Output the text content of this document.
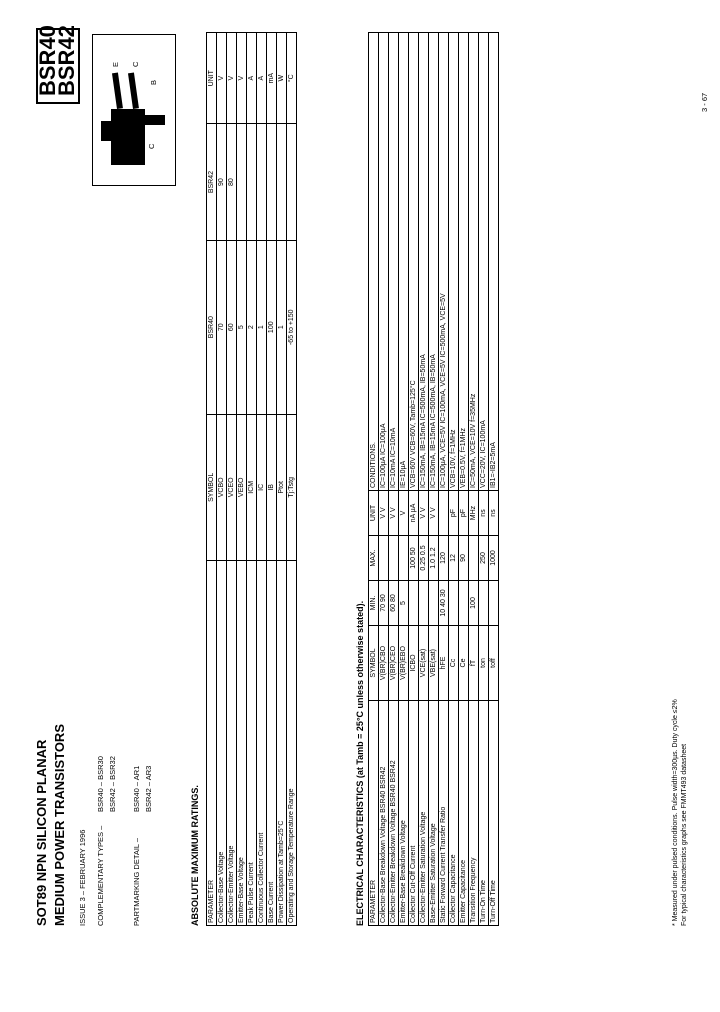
SOT89 NPN SILICON PLANAR MEDIUM POWER TRANSISTORS ISSUE 3 – FEBRUARY 1996
BSR40
BSR42
C
E C
B
COMPLEMENTARY TYPES –
BSR40 – BSR30 BSR42 – BSR32
PARTMARKING DETAIL –
BSR40 – AR1 BSR42 – AR3	ABSOLUTE MAXIMUM RATINGS. PARAMETER	SYMBOL	BSR40	BSR42	UNIT
Collector-Base Voltage	VCBO	70	90	V
Collector-Emitter Voltage	VCEO	60	80	V
Emitter-Base Voltage	VEBO	5		V
Peak Pulse Current	ICM	2		A
Continuous Collector Current	IC	1		A
Base Current	IB	100		mA
Power Dissipation at Tamb=25°C	Ptot	1		W
Operating and Storage Temperature Range	Tj:Tstg	-65 to +150		°C
ELECTRICAL CHARACTERISTICS (at Tamb = 25°C unless otherwise stated). PARAMETER	SYMBOL	MIN.	MAX.	UNIT	CONDITIONS.
Collector-Base Breakdown Voltage BSR40 BSR42	V(BR)CBO	70 90		V V	IC=100µA IC=100µA
Collector-Emitter Breakdown Voltage BSR40 BSR42	V(BR)CEO	60 80		V V	IC=10mA IC=10mA
Emitter-Base Breakdown Voltage	V(BR)EBO	5		V	IE=10µA
Collector Cut-Off Current	ICBO		100 50	nA µA	VCB=60V VCB=60V, Tamb=125°C
Collector-Emitter Saturation Voltage	VCE(sat)		0.25 0.5	V V	IC=150mA, IB=15mA IC=500mA, IB=50mA
Base-Emitter Saturation Voltage	VBE(sat)		1.0 1.2	V V	IC=150mA, IB=15mA IC=500mA, IB=50mA
Static Forward Current Transfer Ratio	hFE	10 40 30	120		IC=100µA, VCE=5V IC=100mA, VCE=5V IC=500mA, VCE=5V
Collector Capacitance	Cc		12	pF	VCB=10V, f=1MHz
Emitter Capacitance	Ce		90	pF	VEB=0.5V, f=1MHz
Transition Frequency	fT	100		MHz	IC=50mA, VCE=10V f=35MHz
Turn-On Time	ton		250	ns	VCC=20V, IC=100mA
Turn-Off Time	toff		1000	ns	IB1=-IB2=5mA
* Measured under pulsed conditions. Pulse width=300µs. Duty cycle ≤2% For typical characteristics graphs see FMMT493 datasheet
3 - 67
